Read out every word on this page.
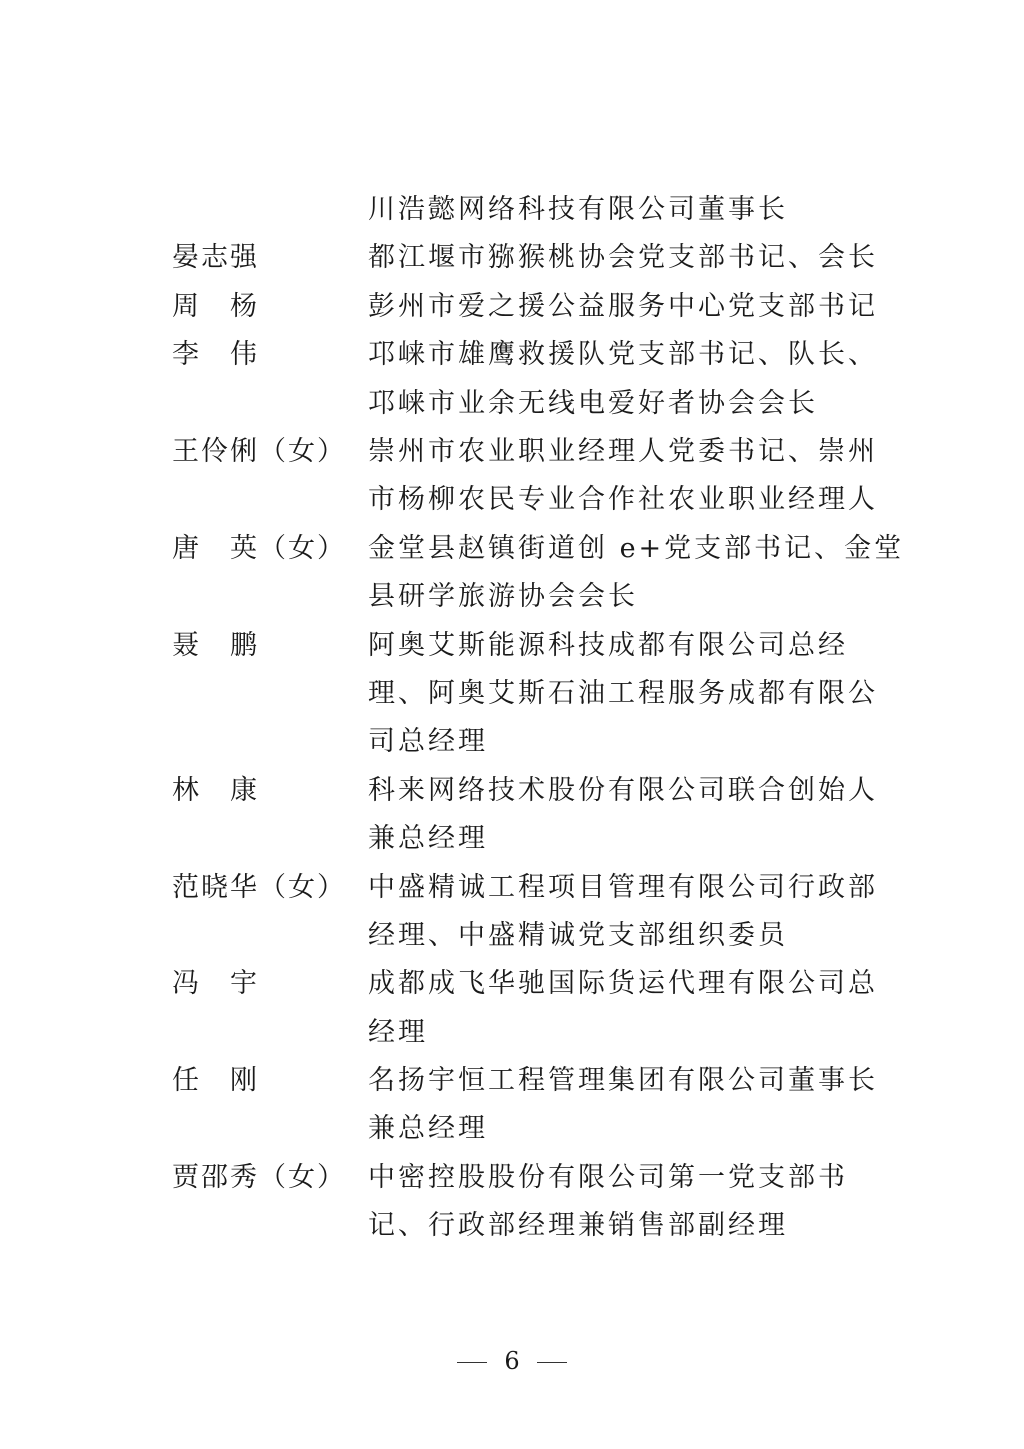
川浩懿网络科技有限公司董事长
晏志强	都江堰市猕猴桃协会党支部书记、会长
周　杨	彭州市爱之援公益服务中心党支部书记
李　伟	邛崃市雄鹰救援队党支部书记、队长、
邛崃市业余无线电爱好者协会会长
王伶俐（女） 崇州市农业职业经理人党委书记、崇州
市杨柳农民专业合作社农业职业经理人
唐　英（女） 金堂县赵镇街道创 e+党支部书记、金堂
县研学旅游协会会长
聂　鹏	阿奥艾斯能源科技成都有限公司总经
理、阿奥艾斯石油工程服务成都有限公
司总经理
林　康	科来网络技术股份有限公司联合创始人
兼总经理
范晓华（女） 中盛精诚工程项目管理有限公司行政部
经理、中盛精诚党支部组织委员
冯　宇	成都成飞华驰国际货运代理有限公司总
经理
任　刚	名扬宇恒工程管理集团有限公司董事长
兼总经理
贾邵秀（女） 中密控股股份有限公司第一党支部书
记、行政部经理兼销售部副经理
6
